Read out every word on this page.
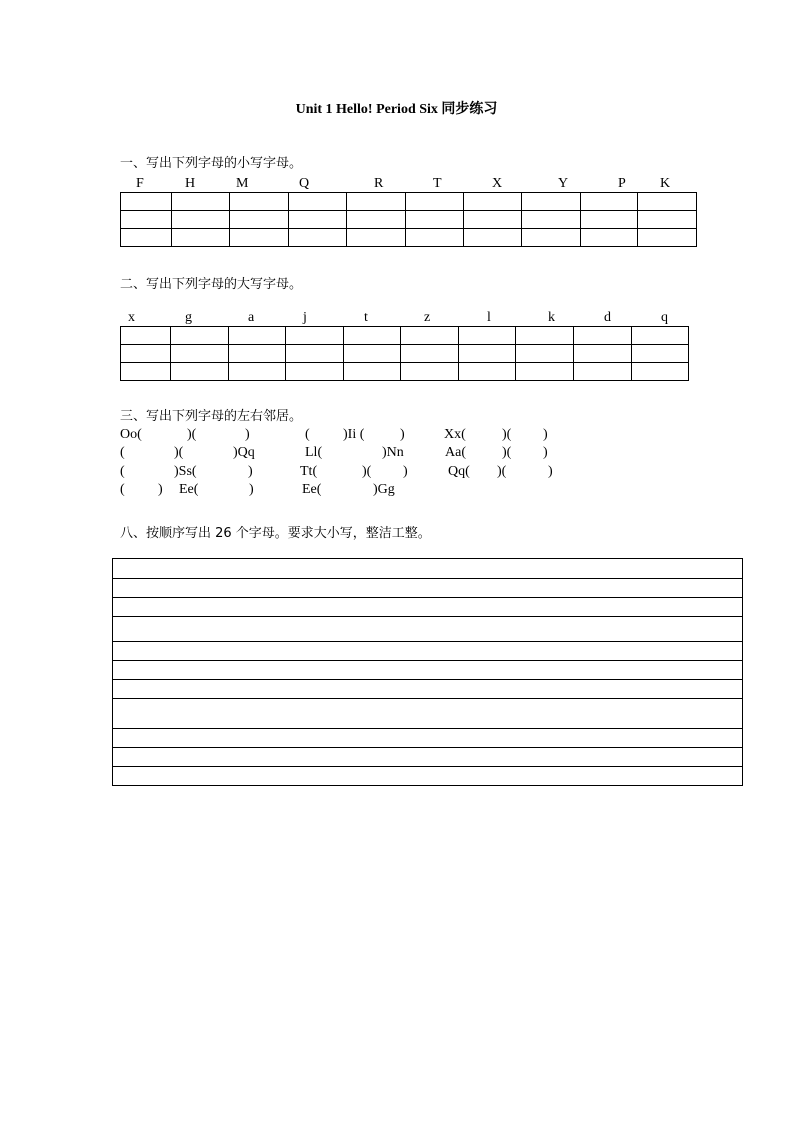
Unit 1 Hello! Period Six 同步练习
一、写出下列字母的小写字母。
F	H	M	Q	R	T	X	Y	P K

二、写出下列字母的大写字母。
x	g	a	j	t	z	l	k	d	q

三、写出下列字母的左右邻居。
Oo(	)(	)	( )Ii (	)	Xx(	)( )
(	)(	)Qq	Ll(	)Nn	Aa(	)( )
(	)Ss(	)	Tt(	)( )	Qq( )(	)
( ) Ee(	)	Ee(	)Gg
八、按顺序写出 26 个字母。要求大小写，整洁工整。
